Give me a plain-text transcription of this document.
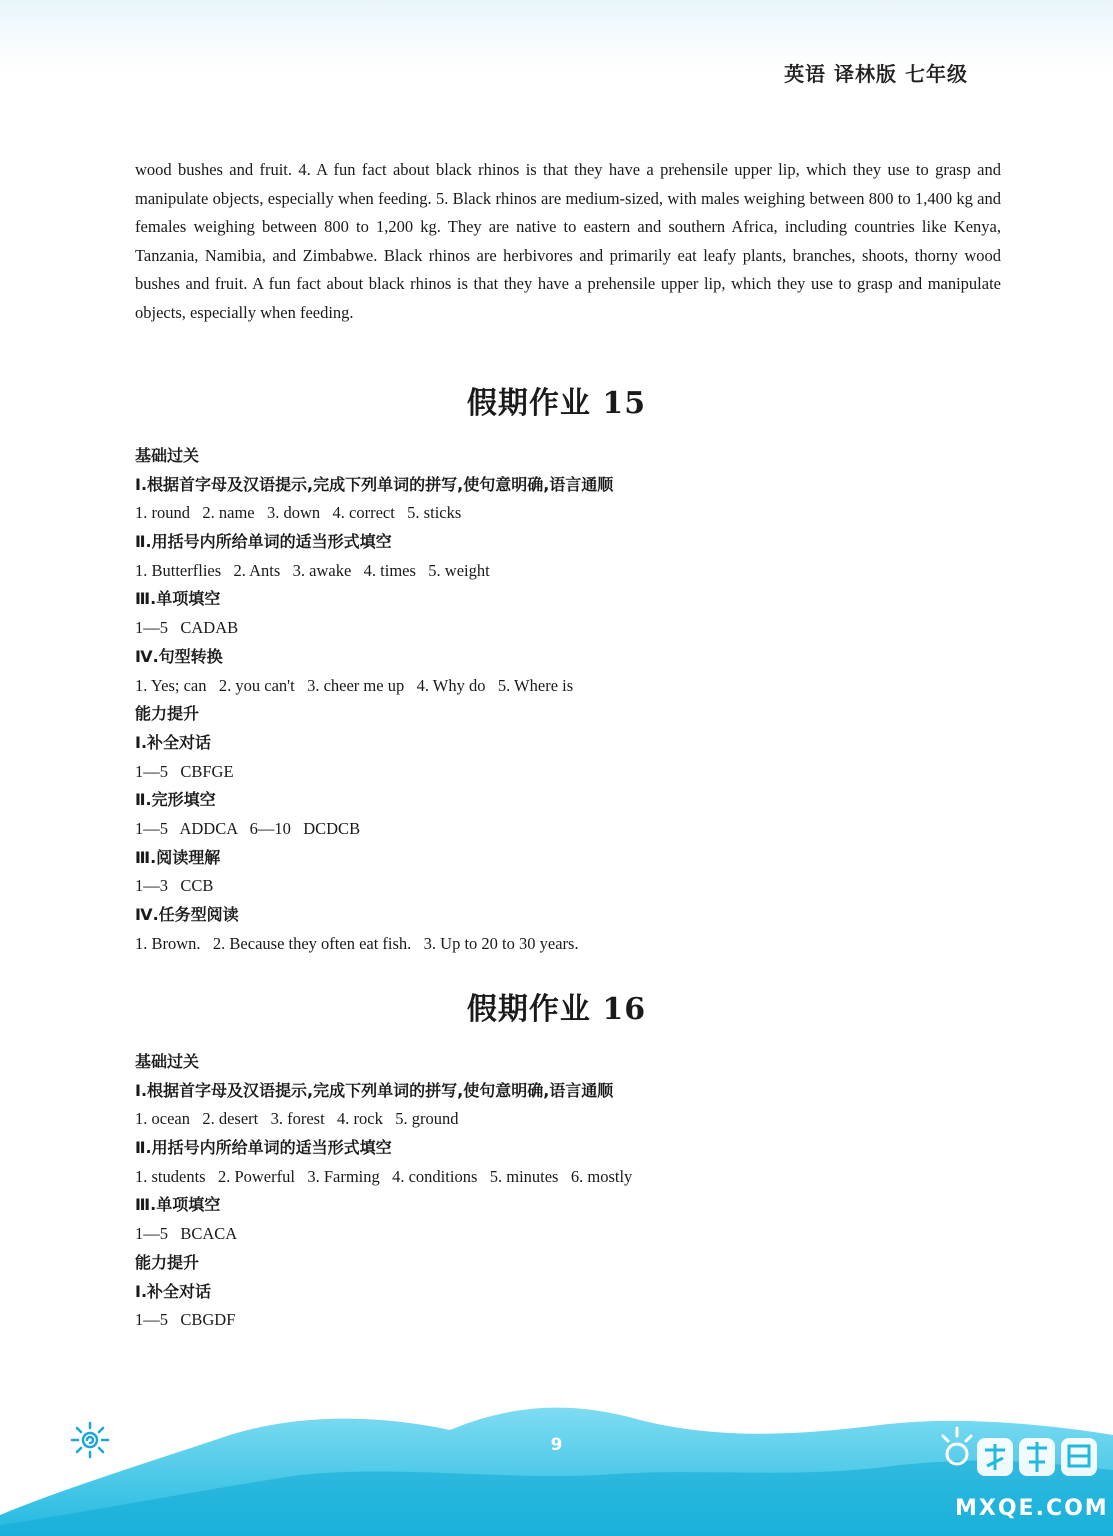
英语 译林版 七年级

wood bushes and fruit. 4. A fun fact about black rhinos is that they have a prehensile upper lip, which they use to grasp and manipulate objects, especially when feeding. 5. Black rhinos are medium-sized, with males weighing between 800 to 1,400 kg and females weighing between 800 to 1,200 kg. They are native to eastern and southern Africa, including countries like Kenya, Tanzania, Namibia, and Zimbabwe. Black rhinos are herbivores and primarily eat leafy plants, branches, shoots, thorny wood bushes and fruit. A fun fact about black rhinos is that they have a prehensile upper lip, which they use to grasp and manipulate objects, especially when feeding.

假期作业 15
基础过关
Ⅰ.根据首字母及汉语提示,完成下列单词的拼写,使句意明确,语言通顺
1. round   2. name   3. down   4. correct   5. sticks
Ⅱ.用括号内所给单词的适当形式填空
1. Butterflies   2. Ants   3. awake   4. times   5. weight
Ⅲ.单项填空
1—5   CADAB
Ⅳ.句型转换
1. Yes; can   2. you can't   3. cheer me up   4. Why do   5. Where is
能力提升
Ⅰ.补全对话
1—5   CBFGE
Ⅱ.完形填空
1—5   ADDCA   6—10   DCDCB
Ⅲ.阅读理解
1—3   CCB
Ⅳ.任务型阅读
1. Brown.   2. Because they often eat fish.   3. Up to 20 to 30 years.
假期作业 16
基础过关
Ⅰ.根据首字母及汉语提示,完成下列单词的拼写,使句意明确,语言通顺
1. ocean   2. desert   3. forest   4. rock   5. ground
Ⅱ.用括号内所给单词的适当形式填空
1. students   2. Powerful   3. Farming   4. conditions   5. minutes   6. mostly
Ⅲ.单项填空
1—5   BCACA
能力提升
Ⅰ.补全对话
1—5   CBGDF
9
MXQE.COM
